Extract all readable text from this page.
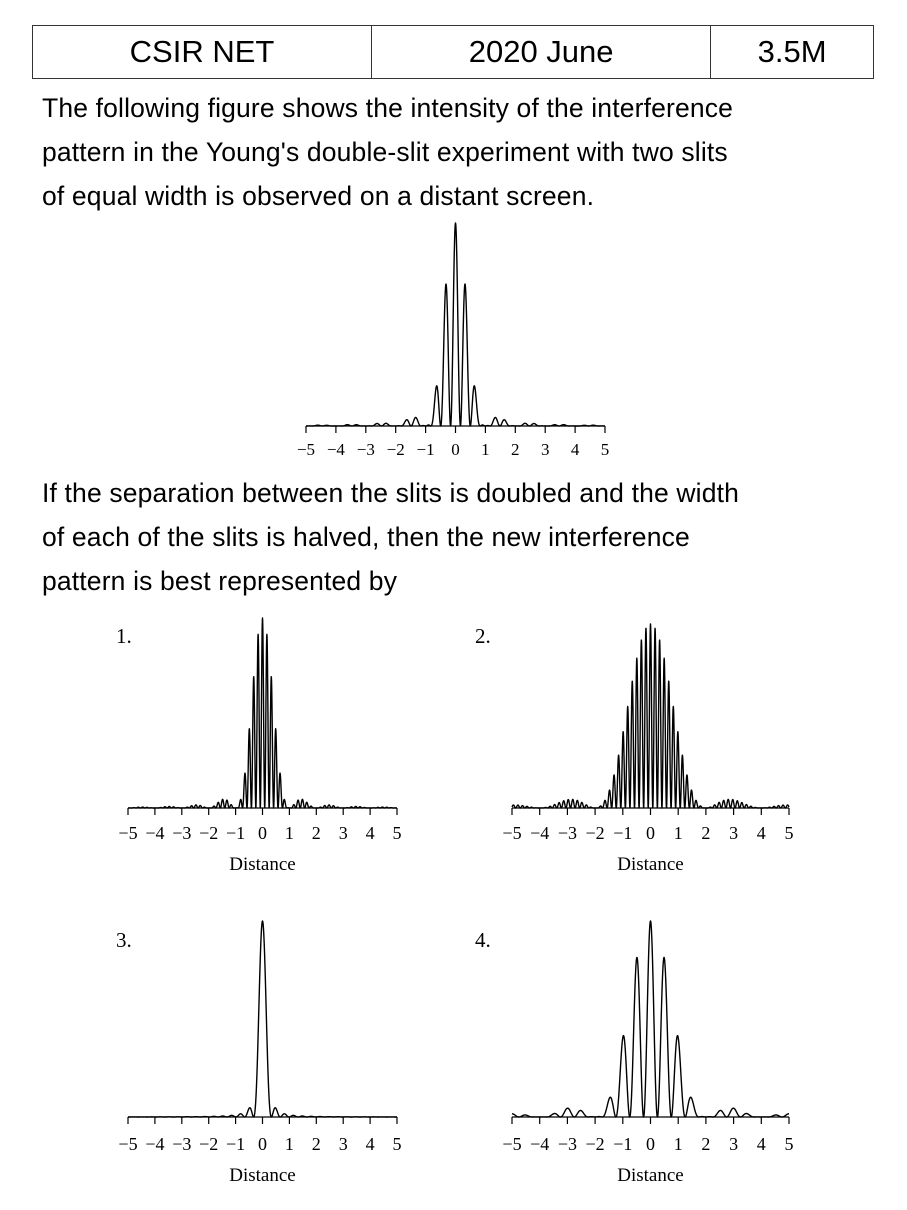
CSIR NET	2020 June	3.5M

The following figure shows the intensity of the interference
pattern in the Young's double-slit experiment with two slits
of equal width is observed on a distant screen.

−5 −4 −3 −2 −1 0 1 2 3 4 5

If the separation between the slits is doubled and the width
of each of the slits is halved, then the new interference
pattern is best represented by

−5 −4 −3 −2 −1 0 1 2 3 4 5
Distance
1.
−5 −4 −3 −2 −1 0 1 2 3 4 5
Distance
2.
−5 −4 −3 −2 −1 0 1 2 3 4 5
Distance
3.
−5 −4 −3 −2 −1 0 1 2 3 4 5
Distance
4.
